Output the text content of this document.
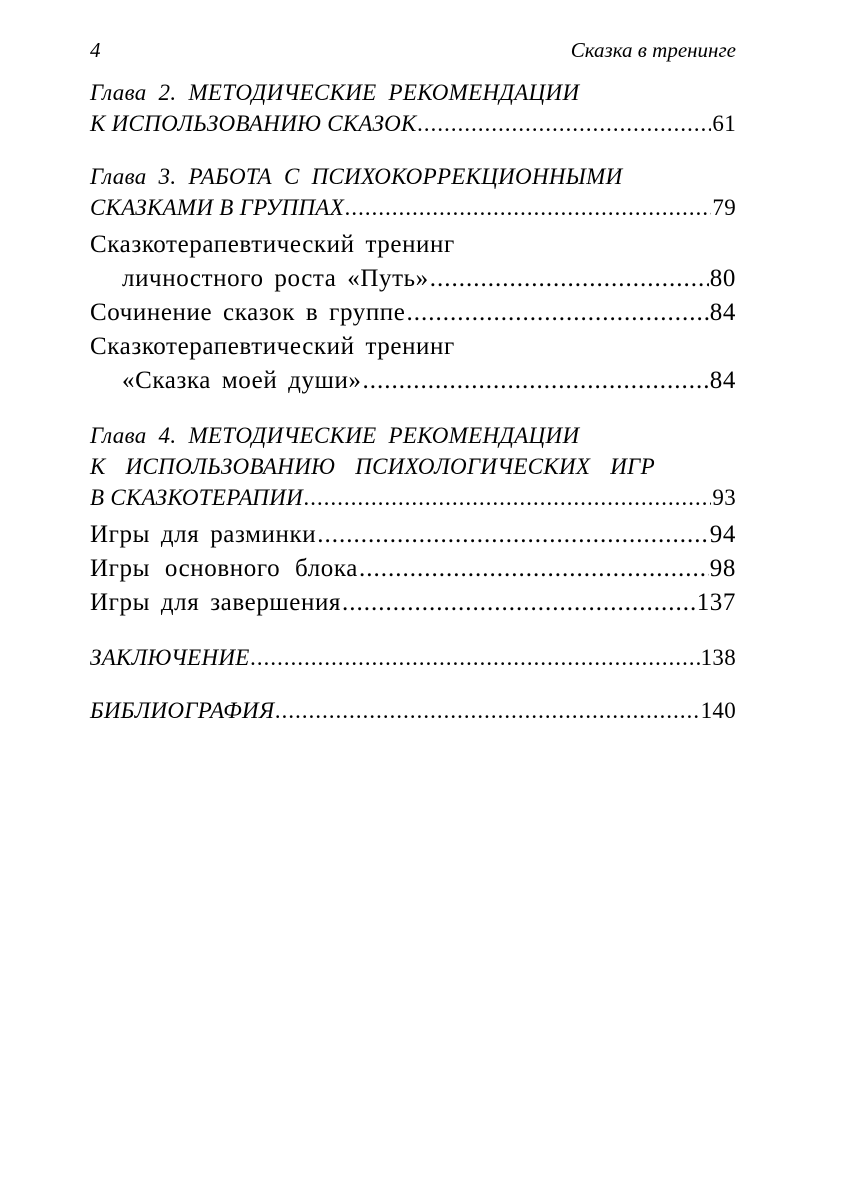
4	Сказка в тренинге
Глава 2. МЕТОДИЧЕСКИЕ РЕКОМЕНДАЦИИ
К ИСПОЛЬЗОВАНИЮ СКАЗОК .....	61
Глава 3. РАБОТА С ПСИХОКОРРЕКЦИОННЫМИ
СКАЗКАМИ В ГРУППАХ .....	79
Сказкотерапевтический тренинг
личностного роста «Путь» .....	80
Сочинение сказок в группе .....	84
Сказкотерапевтический тренинг
«Сказка моей души» .....	84
Глава 4. МЕТОДИЧЕСКИЕ РЕКОМЕНДАЦИИ
К ИСПОЛЬЗОВАНИЮ ПСИХОЛОГИЧЕСКИХ ИГР
В СКАЗКОТЕРАПИИ .....	93
Игры для разминки .....	94
Игры основного блока .....	98
Игры для завершения .....	137
ЗАКЛЮЧЕНИЕ .....	138
БИБЛИОГРАФИЯ .....	140
